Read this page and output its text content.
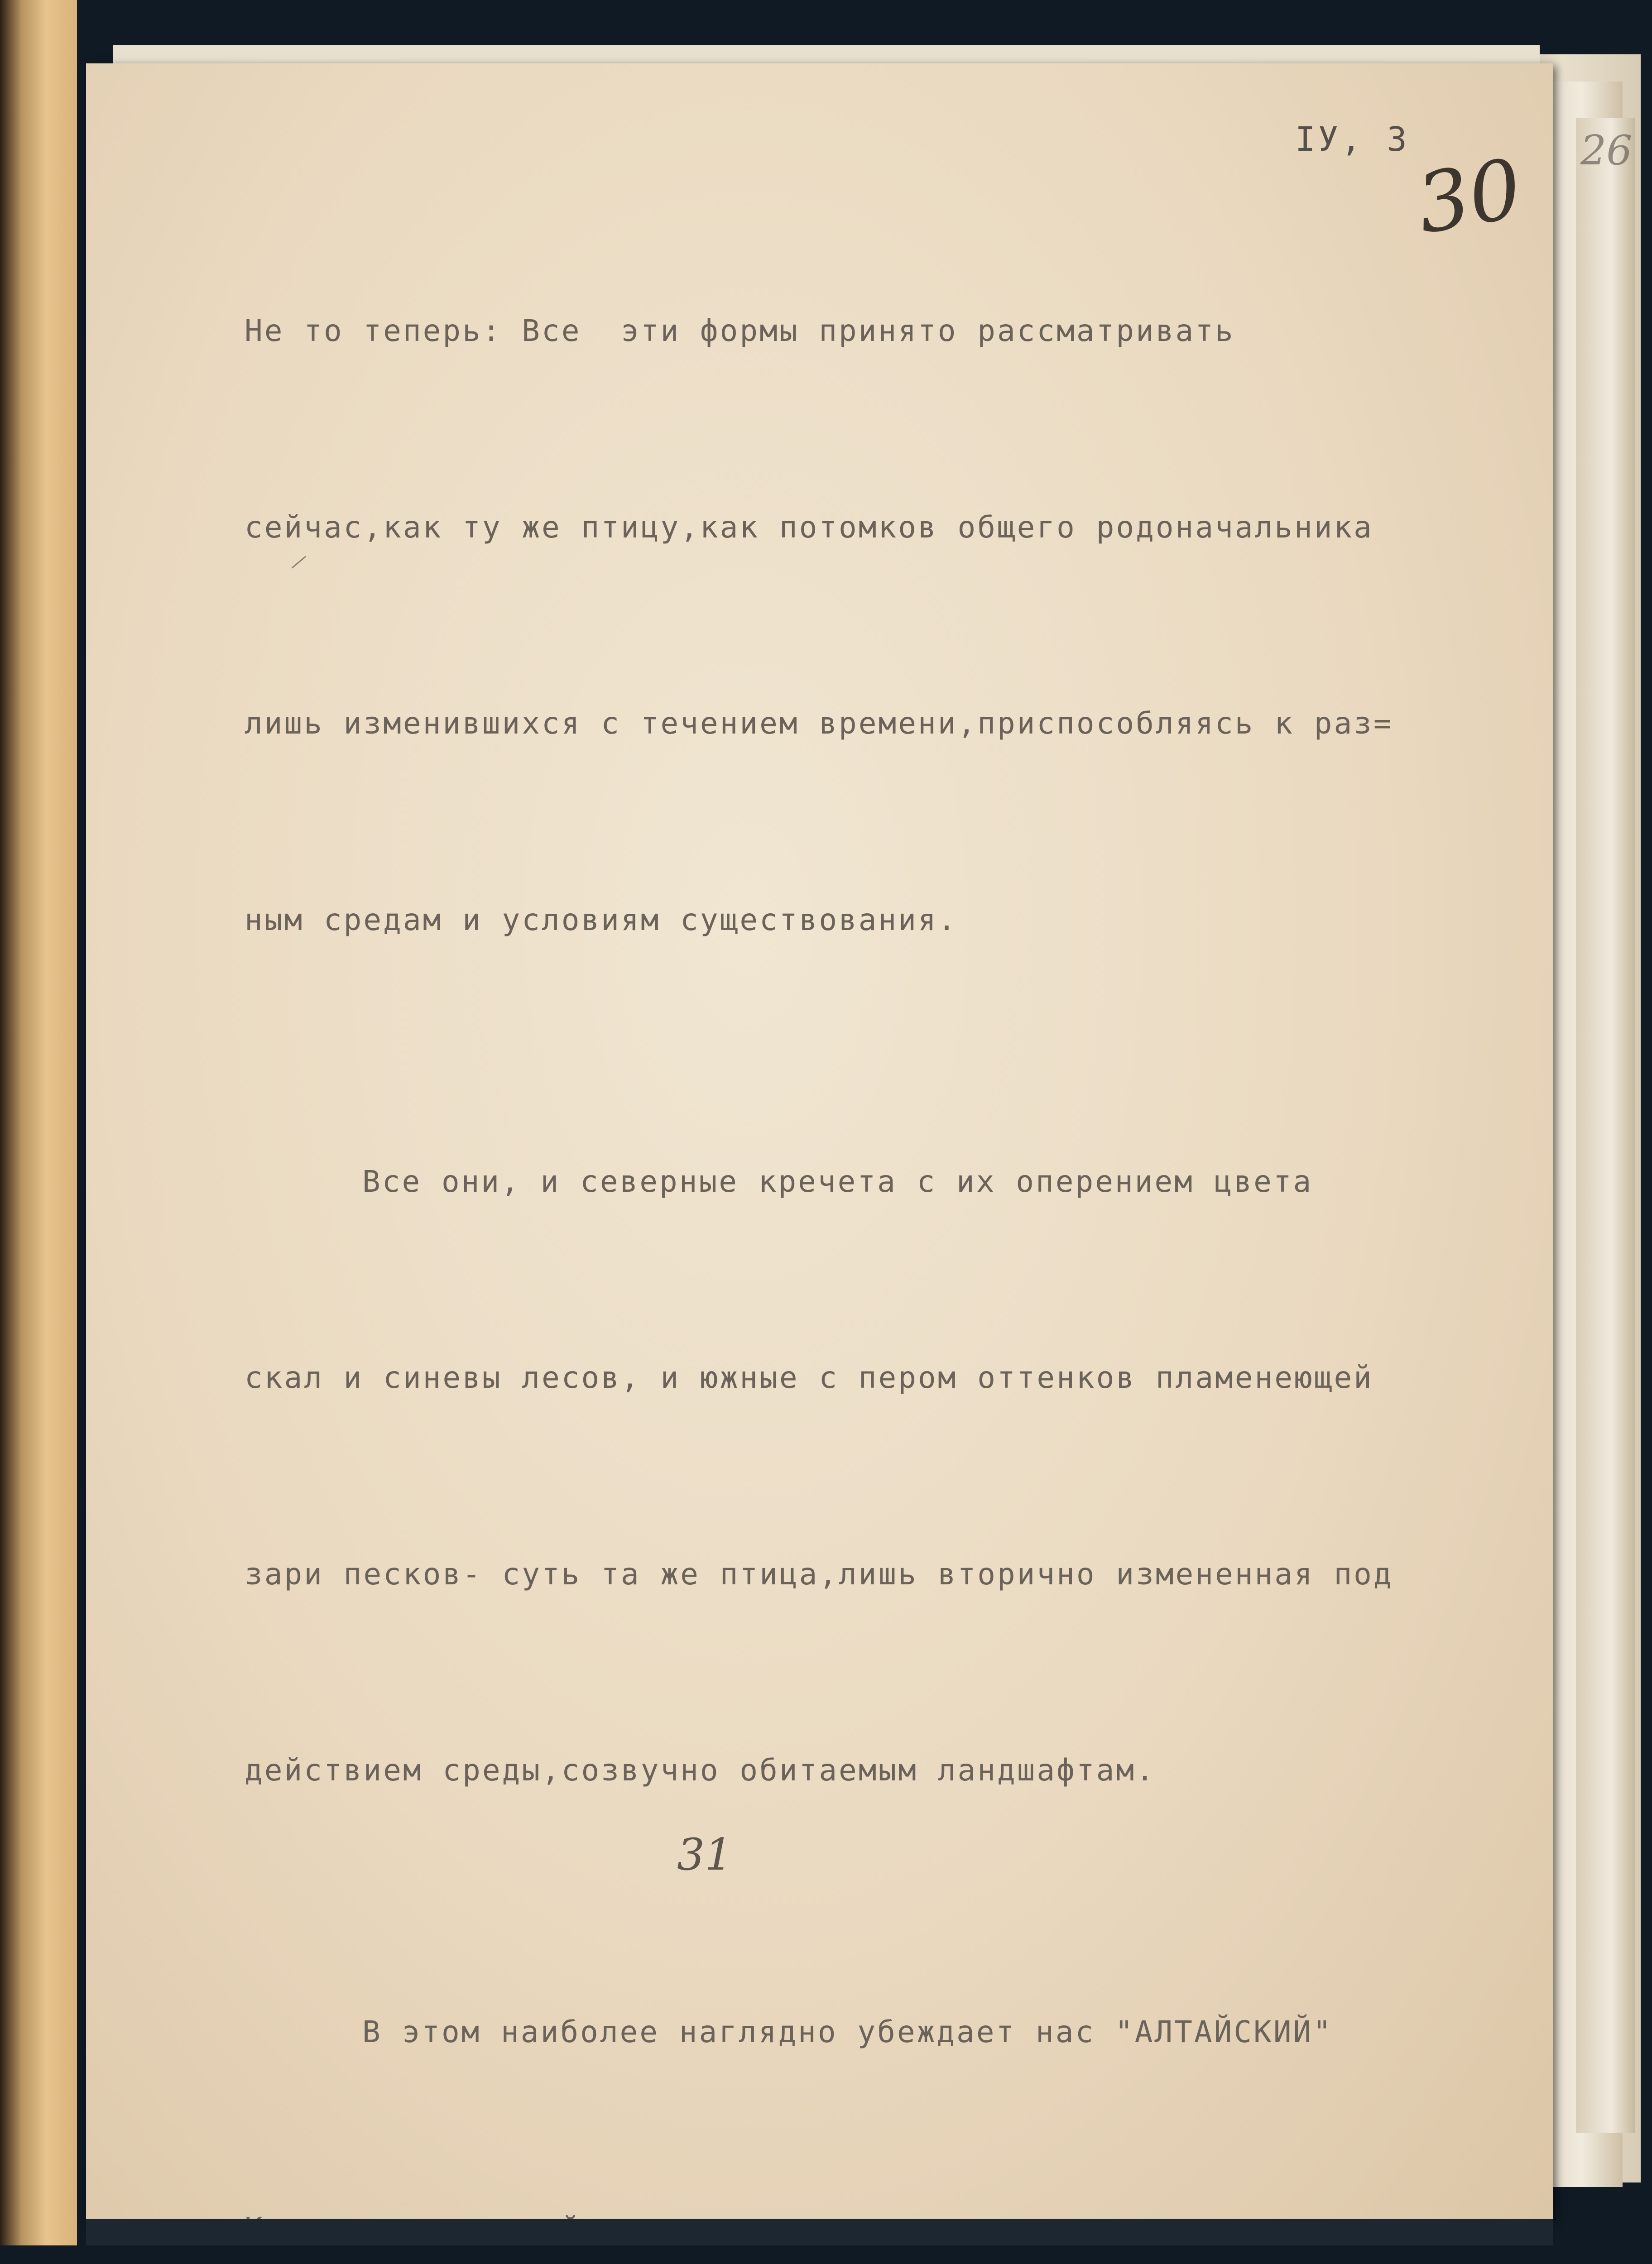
26
IУ, 3
30

Не то теперь: Все  эти формы принято рассматривать

сейчас,как ту же птицу,как потомков общего родоначальника

лишь изменившихся с течением времени,приспособляясь к раз=

ным средам и условиям существования.

Все они, и северные кречета с их оперением цвета

скал и синевы лесов, и южные с пером оттенков пламенеющей

зари песков- суть та же птица,лишь вторично измененная под

действием среды,созвучно обитаемым ландшафтам.

В этом наиболее наглядно убеждает нас "АЛТАЙСКИЙ"

31
